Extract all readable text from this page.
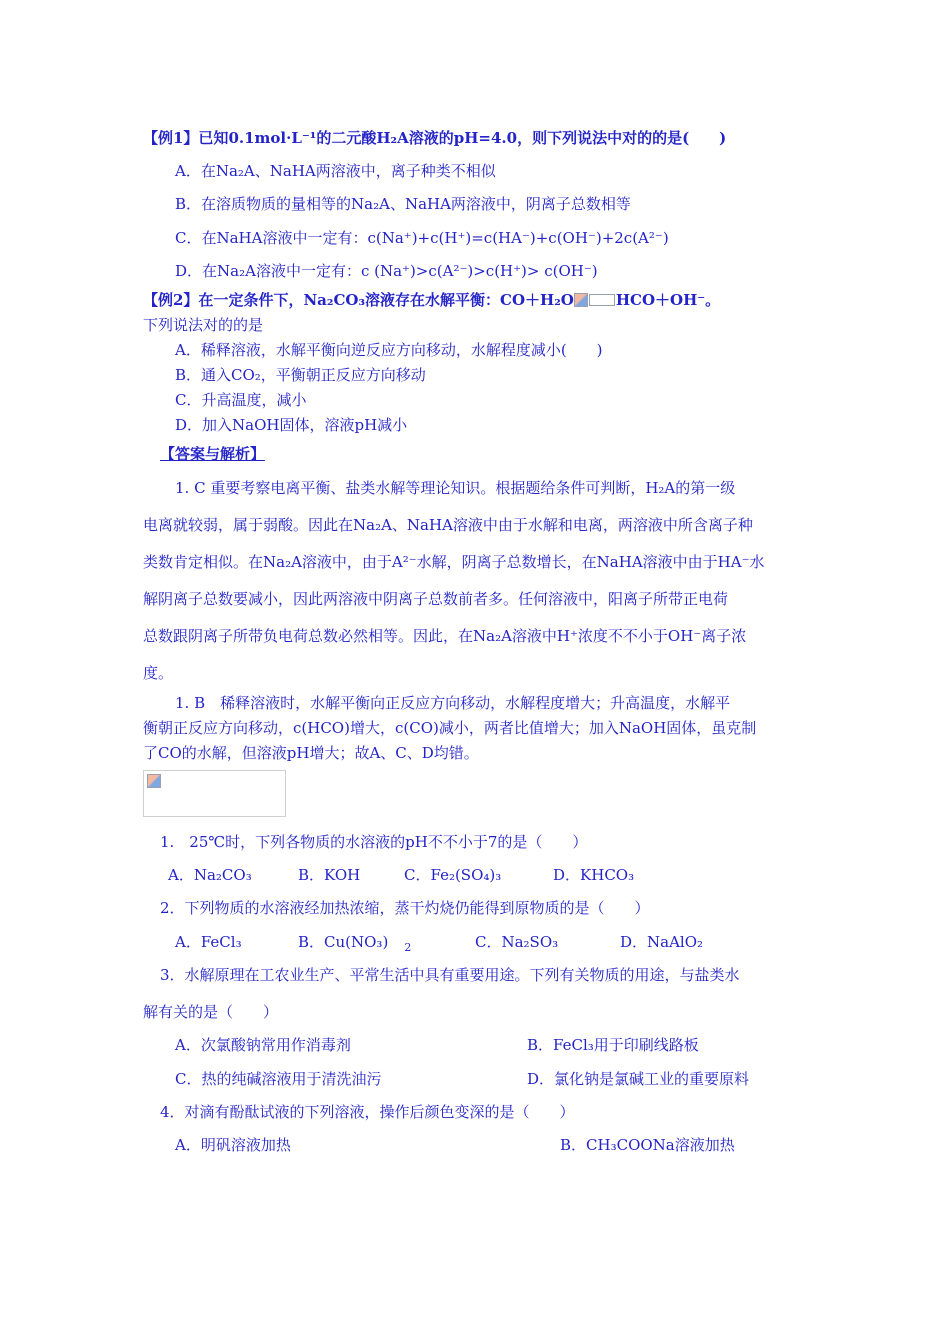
【例1】已知0.1mol·L⁻¹的二元酸H₂A溶液的pH=4.0，则下列说法中对的的是(　　)
A．在Na₂A、NaHA两溶液中，离子种类不相似
B．在溶质物质的量相等的Na₂A、NaHA两溶液中，阴离子总数相等
C．在NaHA溶液中一定有：c(Na⁺)+c(H⁺)=c(HA⁻)+c(OH⁻)+2c(A²⁻)
D．在Na₂A溶液中一定有：c (Na⁺)>c(A²⁻)>c(H⁺)> c(OH⁻)
【例2】在一定条件下，Na₂CO₃溶液存在水解平衡：CO＋H₂O	HCO＋OH⁻。
下列说法对的的是
A．稀释溶液，水解平衡向逆反应方向移动，水解程度减小(　　)
B．通入CO₂，平衡朝正反应方向移动
C．升高温度，减小
D．加入NaOH固体，溶液pH减小
【答案与解析】
1. C 重要考察电离平衡、盐类水解等理论知识。根据题给条件可判断，H₂A的第一级
电离就较弱，属于弱酸。因此在Na₂A、NaHA溶液中由于水解和电离，两溶液中所含离子种
类数肯定相似。在Na₂A溶液中，由于A²⁻水解，阴离子总数增长，在NaHA溶液中由于HA⁻水
解阴离子总数要减小，因此两溶液中阴离子总数前者多。任何溶液中，阳离子所带正电荷
总数跟阴离子所带负电荷总数必然相等。因此，在Na₂A溶液中H⁺浓度不不小于OH⁻离子浓
度。
1. B　稀释溶液时，水解平衡向正反应方向移动，水解程度增大；升高温度，水解平
衡朝正反应方向移动，c(HCO)增大，c(CO)减小，两者比值增大；加入NaOH固体，虽克制
了CO的水解，但溶液pH增大；故A、C、D均错。
1.　25℃时，下列各物质的水溶液的pH不不小于7的是（　　）
A．Na₂CO₃	B．KOH	C．Fe₂(SO₄)₃	D．KHCO₃
2．下列物质的水溶液经加热浓缩，蒸干灼烧仍能得到原物质的是（　　）
A．FeCl₃	B．Cu(NO₃) $_2$	C．Na₂SO₃	D．NaAlO₂
3．水解原理在工农业生产、平常生活中具有重要用途。下列有关物质的用途，与盐类水
解有关的是（　　）
A．次氯酸钠常用作消毒剂	B．FeCl₃用于印刷线路板
C．热的纯碱溶液用于清洗油污	D．氯化钠是氯碱工业的重要原料
4．对滴有酚酞试液的下列溶液，操作后颜色变深的是（　　）
A．明矾溶液加热	B．CH₃COONa溶液加热
